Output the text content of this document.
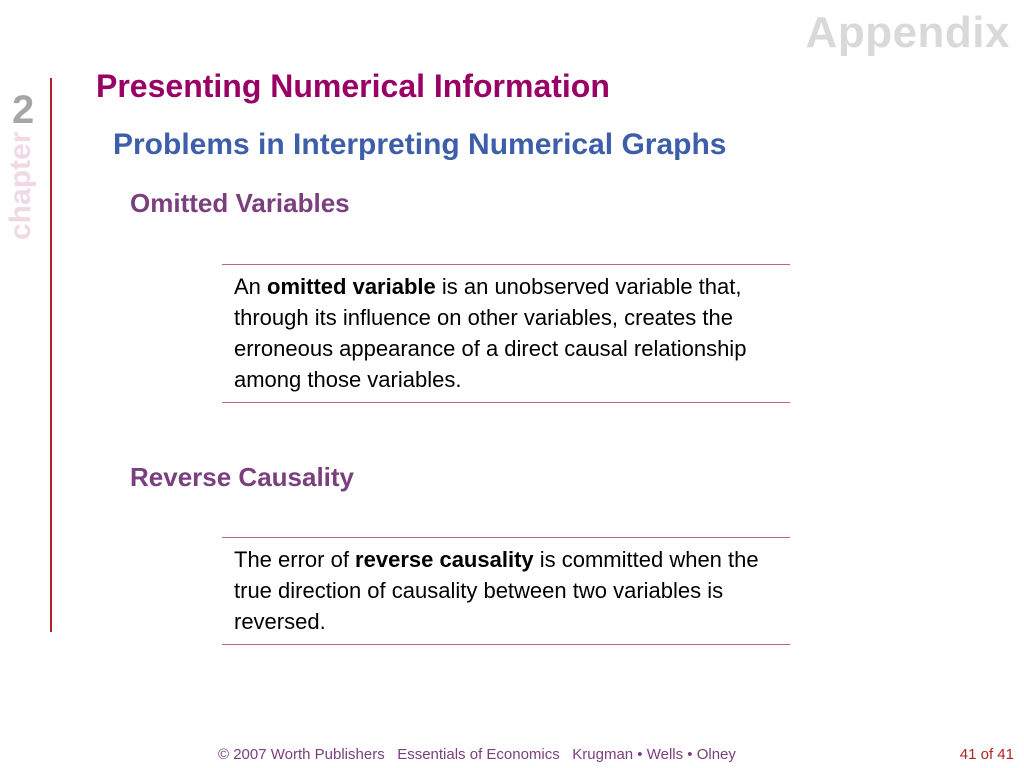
Appendix
2
chapter
Presenting Numerical Information
Problems in Interpreting Numerical Graphs
Omitted Variables
An omitted variable is an unobserved variable that, through its influence on other variables, creates the erroneous appearance of a direct causal relationship among those variables.
Reverse Causality
The error of reverse causality is committed when the true direction of causality between two variables is reversed.
© 2007 Worth Publishers   Essentials of Economics   Krugman • Wells • Olney	41 of 41
